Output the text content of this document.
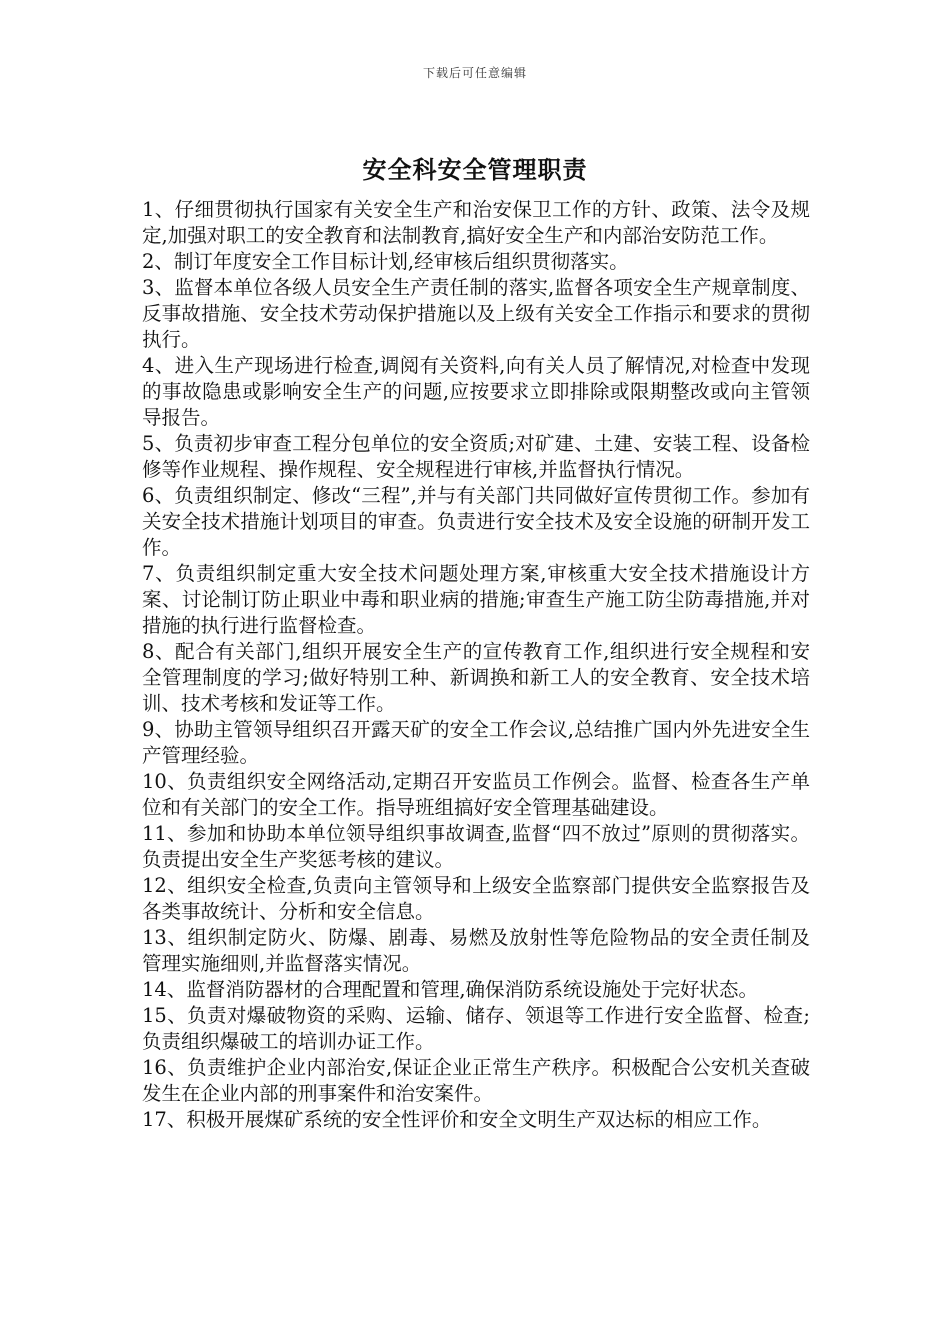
下载后可任意编辑
安全科安全管理职责

1、仔细贯彻执行国家有关安全生产和治安保卫工作的方针、政策、法令及规定,加强对职工的安全教育和法制教育,搞好安全生产和内部治安防范工作。

2、制订年度安全工作目标计划,经审核后组织贯彻落实。

3、监督本单位各级人员安全生产责任制的落实,监督各项安全生产规章制度、反事故措施、安全技术劳动保护措施以及上级有关安全工作指示和要求的贯彻执行。

4、进入生产现场进行检查,调阅有关资料,向有关人员了解情况,对检查中发现的事故隐患或影响安全生产的问题,应按要求立即排除或限期整改或向主管领导报告。

5、负责初步审查工程分包单位的安全资质;对矿建、土建、安装工程、设备检修等作业规程、操作规程、安全规程进行审核,并监督执行情况。

6、负责组织制定、修改“三程”,并与有关部门共同做好宣传贯彻工作。参加有关安全技术措施计划项目的审查。负责进行安全技术及安全设施的研制开发工作。

7、负责组织制定重大安全技术问题处理方案,审核重大安全技术措施设计方案、讨论制订防止职业中毒和职业病的措施;审查生产施工防尘防毒措施,并对措施的执行进行监督检查。

8、配合有关部门,组织开展安全生产的宣传教育工作,组织进行安全规程和安全管理制度的学习;做好特别工种、新调换和新工人的安全教育、安全技术培训、技术考核和发证等工作。

9、协助主管领导组织召开露天矿的安全工作会议,总结推广国内外先进安全生产管理经验。

10、负责组织安全网络活动,定期召开安监员工作例会。监督、检查各生产单位和有关部门的安全工作。指导班组搞好安全管理基础建设。

11、参加和协助本单位领导组织事故调查,监督“四不放过”原则的贯彻落实。负责提出安全生产奖惩考核的建议。

12、组织安全检查,负责向主管领导和上级安全监察部门提供安全监察报告及各类事故统计、分析和安全信息。

13、组织制定防火、防爆、剧毒、易燃及放射性等危险物品的安全责任制及管理实施细则,并监督落实情况。

14、监督消防器材的合理配置和管理,确保消防系统设施处于完好状态。

15、负责对爆破物资的采购、运输、储存、领退等工作进行安全监督、检查;负责组织爆破工的培训办证工作。

16、负责维护企业内部治安,保证企业正常生产秩序。积极配合公安机关查破发生在企业内部的刑事案件和治安案件。

17、积极开展煤矿系统的安全性评价和安全文明生产双达标的相应工作。
